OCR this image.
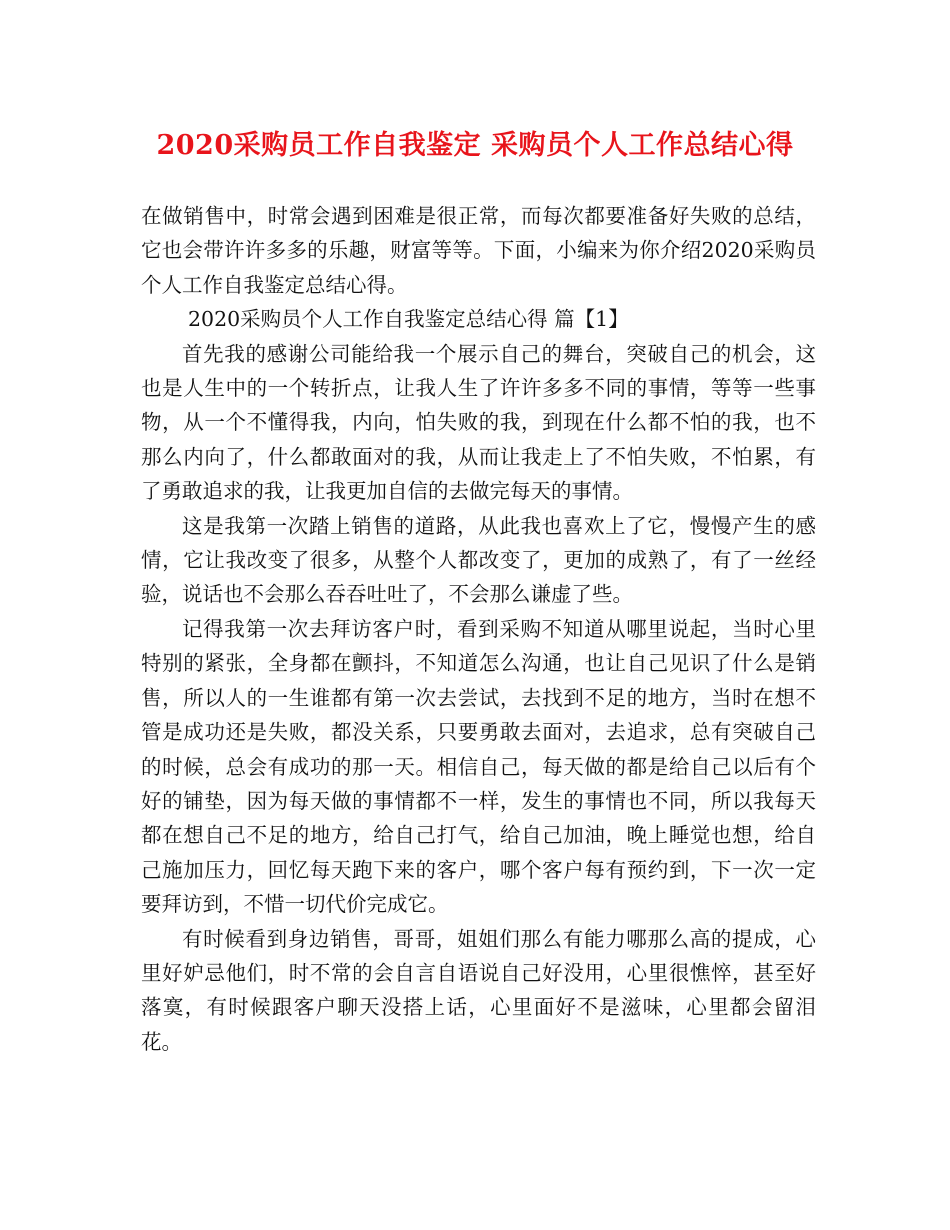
2020采购员工作自我鉴定 采购员个人工作总结心得

在做销售中，时常会遇到困难是很正常，而每次都要准备好失败的总结，它也会带许许多多的乐趣，财富等等。下面，小编来为你介绍2020采购员个人工作自我鉴定总结心得。

2020采购员个人工作自我鉴定总结心得 篇【1】

首先我的感谢公司能给我一个展示自己的舞台，突破自己的机会，这也是人生中的一个转折点，让我人生了许许多多不同的事情，等等一些事物，从一个不懂得我，内向，怕失败的我，到现在什么都不怕的我，也不那么内向了，什么都敢面对的我，从而让我走上了不怕失败，不怕累，有了勇敢追求的我，让我更加自信的去做完每天的事情。

这是我第一次踏上销售的道路，从此我也喜欢上了它，慢慢产生的感情，它让我改变了很多，从整个人都改变了，更加的成熟了，有了一丝经验，说话也不会那么吞吞吐吐了，不会那么谦虚了些。

记得我第一次去拜访客户时，看到采购不知道从哪里说起，当时心里特别的紧张，全身都在颤抖，不知道怎么沟通，也让自己见识了什么是销售，所以人的一生谁都有第一次去尝试，去找到不足的地方，当时在想不管是成功还是失败，都没关系，只要勇敢去面对，去追求，总有突破自己的时候，总会有成功的那一天。相信自己，每天做的都是给自己以后有个好的铺垫，因为每天做的事情都不一样，发生的事情也不同，所以我每天都在想自己不足的地方，给自己打气，给自己加油，晚上睡觉也想，给自己施加压力，回忆每天跑下来的客户，哪个客户每有预约到，下一次一定要拜访到，不惜一切代价完成它。

有时候看到身边销售，哥哥，姐姐们那么有能力哪那么高的提成，心里好妒忌他们，时不常的会自言自语说自己好没用，心里很憔悴，甚至好落寞，有时候跟客户聊天没搭上话，心里面好不是滋味，心里都会留泪花。
